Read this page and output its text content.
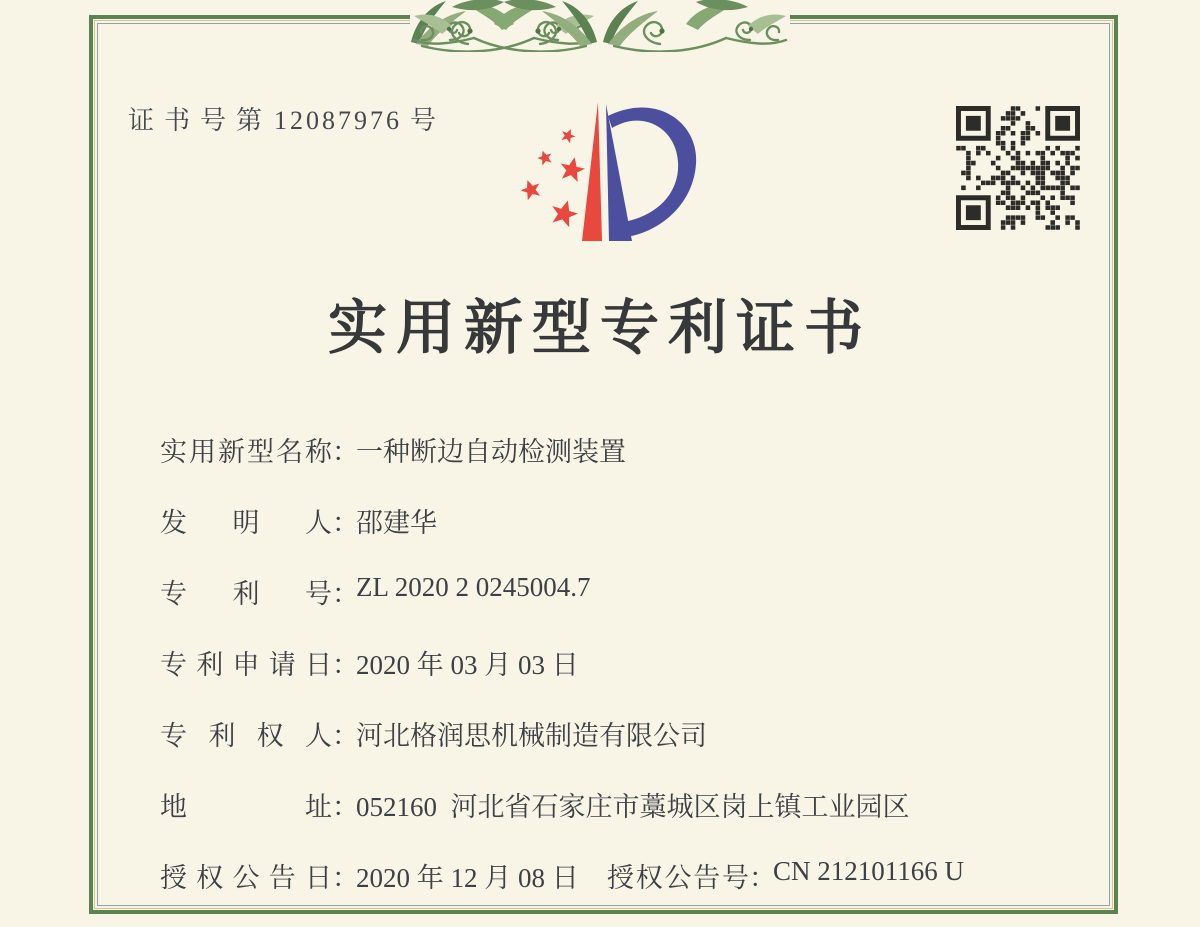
证书号第12087976 号
实用新型专利证书
实用新型名称：一种断边自动检测装置
发明人：邵建华
专利号：ZL 2020 2 0245004.7
专利申请日：2020 年 03 月 03 日
专利权人：河北格润思机械制造有限公司
地址：052160  河北省石家庄市藁城区岗上镇工业园区
授权公告日：2020 年 12 月 08 日 授权公告号：CN 212101166 U
